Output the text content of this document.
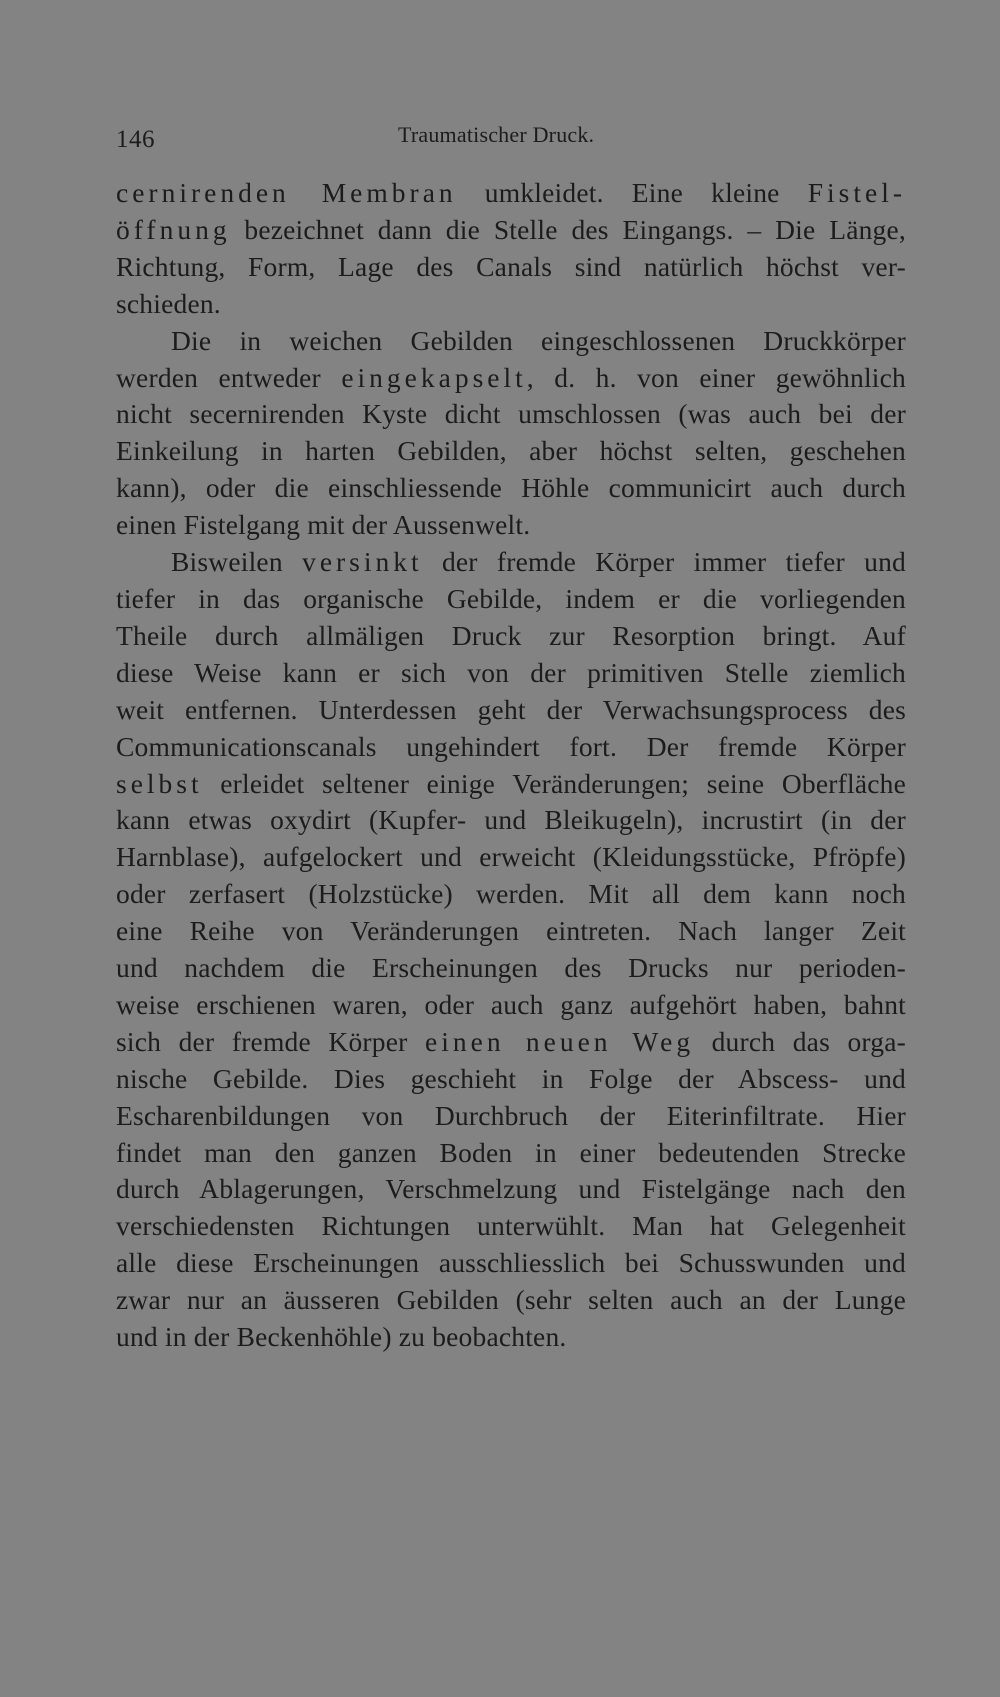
146	Traumatischer Druck.
cernirenden Membran umkleidet. Eine kleine Fistel-
öffnung bezeichnet dann die Stelle des Eingangs. – Die Länge,
Richtung, Form, Lage des Canals sind natürlich höchst ver-
schieden.
Die in weichen Gebilden eingeschlossenen Druckkörper
werden entweder eingekapselt, d. h. von einer gewöhnlich
nicht secernirenden Kyste dicht umschlossen (was auch bei der
Einkeilung in harten Gebilden, aber höchst selten, geschehen
kann), oder die einschliessende Höhle communicirt auch durch
einen Fistelgang mit der Aussenwelt.
Bisweilen versinkt der fremde Körper immer tiefer und
tiefer in das organische Gebilde, indem er die vorliegenden
Theile durch allmäligen Druck zur Resorption bringt. Auf
diese Weise kann er sich von der primitiven Stelle ziemlich
weit entfernen. Unterdessen geht der Verwachsungsprocess des
Communicationscanals ungehindert fort. Der fremde Körper
selbst erleidet seltener einige Veränderungen; seine Oberfläche
kann etwas oxydirt (Kupfer- und Bleikugeln), incrustirt (in der
Harnblase), aufgelockert und erweicht (Kleidungsstücke, Pfröpfe)
oder zerfasert (Holzstücke) werden. Mit all dem kann noch
eine Reihe von Veränderungen eintreten. Nach langer Zeit
und nachdem die Erscheinungen des Drucks nur perioden-
weise erschienen waren, oder auch ganz aufgehört haben, bahnt
sich der fremde Körper einen neuen Weg durch das orga-
nische Gebilde. Dies geschieht in Folge der Abscess- und
Escharenbildungen von Durchbruch der Eiterinfiltrate. Hier
findet man den ganzen Boden in einer bedeutenden Strecke
durch Ablagerungen, Verschmelzung und Fistelgänge nach den
verschiedensten Richtungen unterwühlt. Man hat Gelegenheit
alle diese Erscheinungen ausschliesslich bei Schusswunden und
zwar nur an äusseren Gebilden (sehr selten auch an der Lunge
und in der Beckenhöhle) zu beobachten.
